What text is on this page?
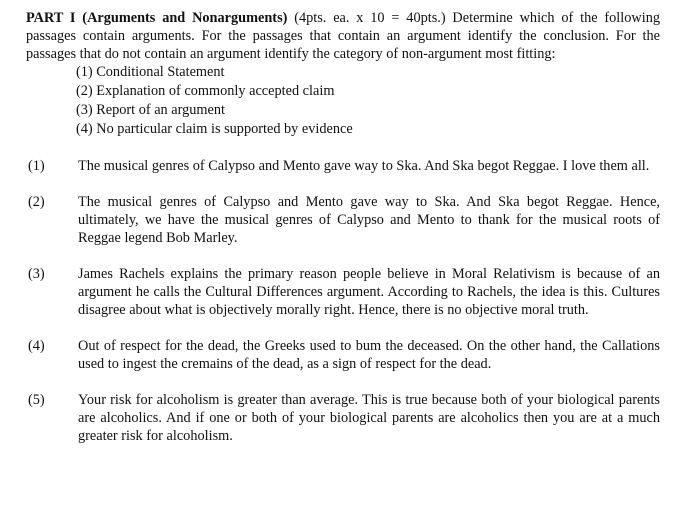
PART I (Arguments and Nonarguments) (4pts. ea. x 10 = 40pts.) Determine which of the following passages contain arguments. For the passages that contain an argument identify the conclusion. For the passages that do not contain an argument identify the category of non-argument most fitting:

(1) Conditional Statement
(2) Explanation of commonly accepted claim
(3) Report of an argument
(4) No particular claim is supported by evidence
(1)	The musical genres of Calypso and Mento gave way to Ska. And Ska begot Reggae. I love them all.
(2)	The musical genres of Calypso and Mento gave way to Ska. And Ska begot Reggae. Hence, ultimately, we have the musical genres of Calypso and Mento to thank for the musical roots of Reggae legend Bob Marley.
(3)	James Rachels explains the primary reason people believe in Moral Relativism is because of an argument he calls the Cultural Differences argument. According to Rachels, the idea is this. Cultures disagree about what is objectively morally right. Hence, there is no objective moral truth.
(4)	Out of respect for the dead, the Greeks used to bum the deceased. On the other hand, the Callations used to ingest the cremains of the dead, as a sign of respect for the dead.
(5)	Your risk for alcoholism is greater than average. This is true because both of your biological parents are alcoholics. And if one or both of your biological parents are alcoholics then you are at a much greater risk for alcoholism.
